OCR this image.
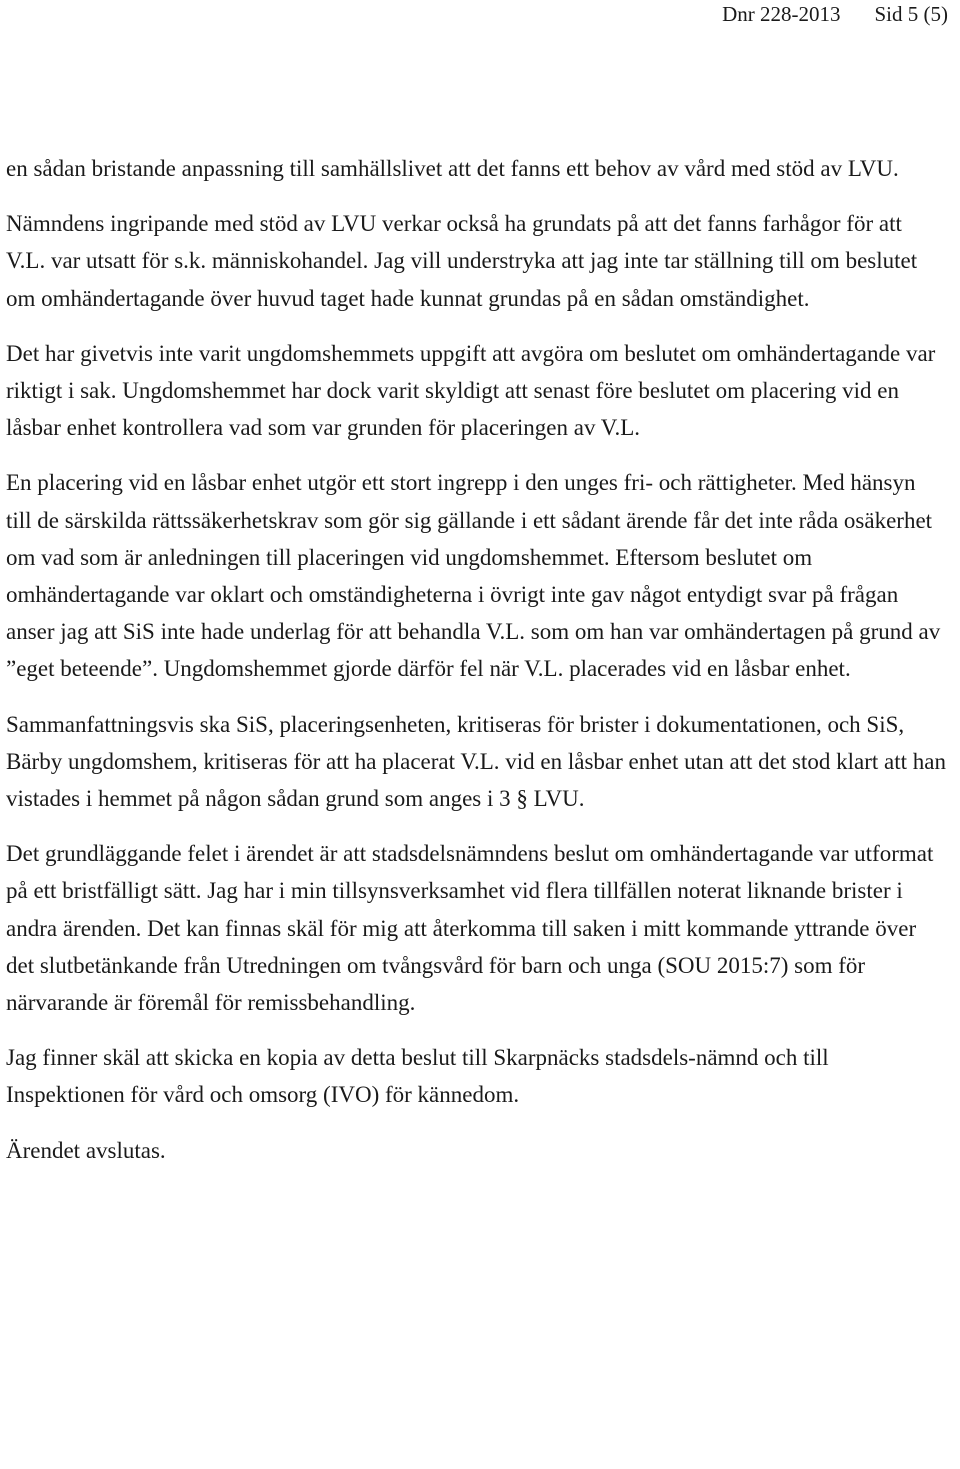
Dnr 228-2013 Sid 5 (5)

en sådan bristande anpassning till samhällslivet att det fanns ett behov av vård med stöd av LVU.

Nämndens ingripande med stöd av LVU verkar också ha grundats på att det fanns farhågor för att V.L. var utsatt för s.k. människohandel. Jag vill understryka att jag inte tar ställning till om beslutet om omhändertagande över huvud taget hade kunnat grundas på en sådan omständighet.

Det har givetvis inte varit ungdomshemmets uppgift att avgöra om beslutet om omhändertagande var riktigt i sak. Ungdomshemmet har dock varit skyldigt att senast före beslutet om placering vid en låsbar enhet kontrollera vad som var grunden för placeringen av V.L.

En placering vid en låsbar enhet utgör ett stort ingrepp i den unges fri- och rättigheter. Med hänsyn till de särskilda rättssäkerhetskrav som gör sig gällande i ett sådant ärende får det inte råda osäkerhet om vad som är anledningen till placeringen vid ungdomshemmet. Eftersom beslutet om omhändertagande var oklart och omständigheterna i övrigt inte gav något entydigt svar på frågan anser jag att SiS inte hade underlag för att behandla V.L. som om han var omhändertagen på grund av ”eget beteende”. Ungdomshemmet gjorde därför fel när V.L. placerades vid en låsbar enhet.

Sammanfattningsvis ska SiS, placeringsenheten, kritiseras för brister i dokumentationen, och SiS, Bärby ungdomshem, kritiseras för att ha placerat V.L. vid en låsbar enhet utan att det stod klart att han vistades i hemmet på någon sådan grund som anges i 3 § LVU.

Det grundläggande felet i ärendet är att stadsdelsnämndens beslut om omhändertagande var utformat på ett bristfälligt sätt. Jag har i min tillsynsverksamhet vid flera tillfällen noterat liknande brister i andra ärenden. Det kan finnas skäl för mig att återkomma till saken i mitt kommande yttrande över det slutbetänkande från Utredningen om tvångsvård för barn och unga (SOU 2015:7) som för närvarande är föremål för remissbehandling.

Jag finner skäl att skicka en kopia av detta beslut till Skarpnäcks stadsdels-nämnd och till Inspektionen för vård och omsorg (IVO) för kännedom.

Ärendet avslutas.
